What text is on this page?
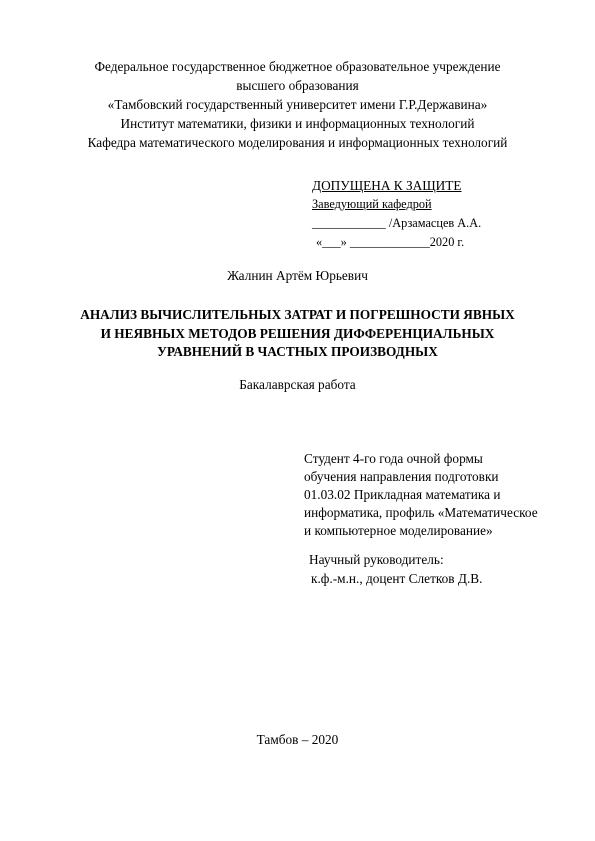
Федеральное государственное бюджетное образовательное учреждение
высшего образования
«Тамбовский государственный университет имени Г.Р.Державина»
Институт математики, физики и информационных технологий
Кафедра математического моделирования и информационных технологий
ДОПУЩЕНА К ЗАЩИТЕ
Заведующий кафедрой
____________ /Арзамасцев А.А.
«___» _____________2020 г.
Жалнин Артём Юрьевич
АНАЛИЗ ВЫЧИСЛИТЕЛЬНЫХ ЗАТРАТ И ПОГРЕШНОСТИ ЯВНЫХ
И НЕЯВНЫХ МЕТОДОВ РЕШЕНИЯ ДИФФЕРЕНЦИАЛЬНЫХ
УРАВНЕНИЙ В ЧАСТНЫХ ПРОИЗВОДНЫХ
Бакалаврская работа
Студент 4-го года очной формы
обучения направления подготовки
01.03.02 Прикладная математика и
информатика, профиль «Математическое
и компьютерное моделирование»
Научный руководитель:
к.ф.-м.н., доцент Слетков Д.В.
Тамбов – 2020
